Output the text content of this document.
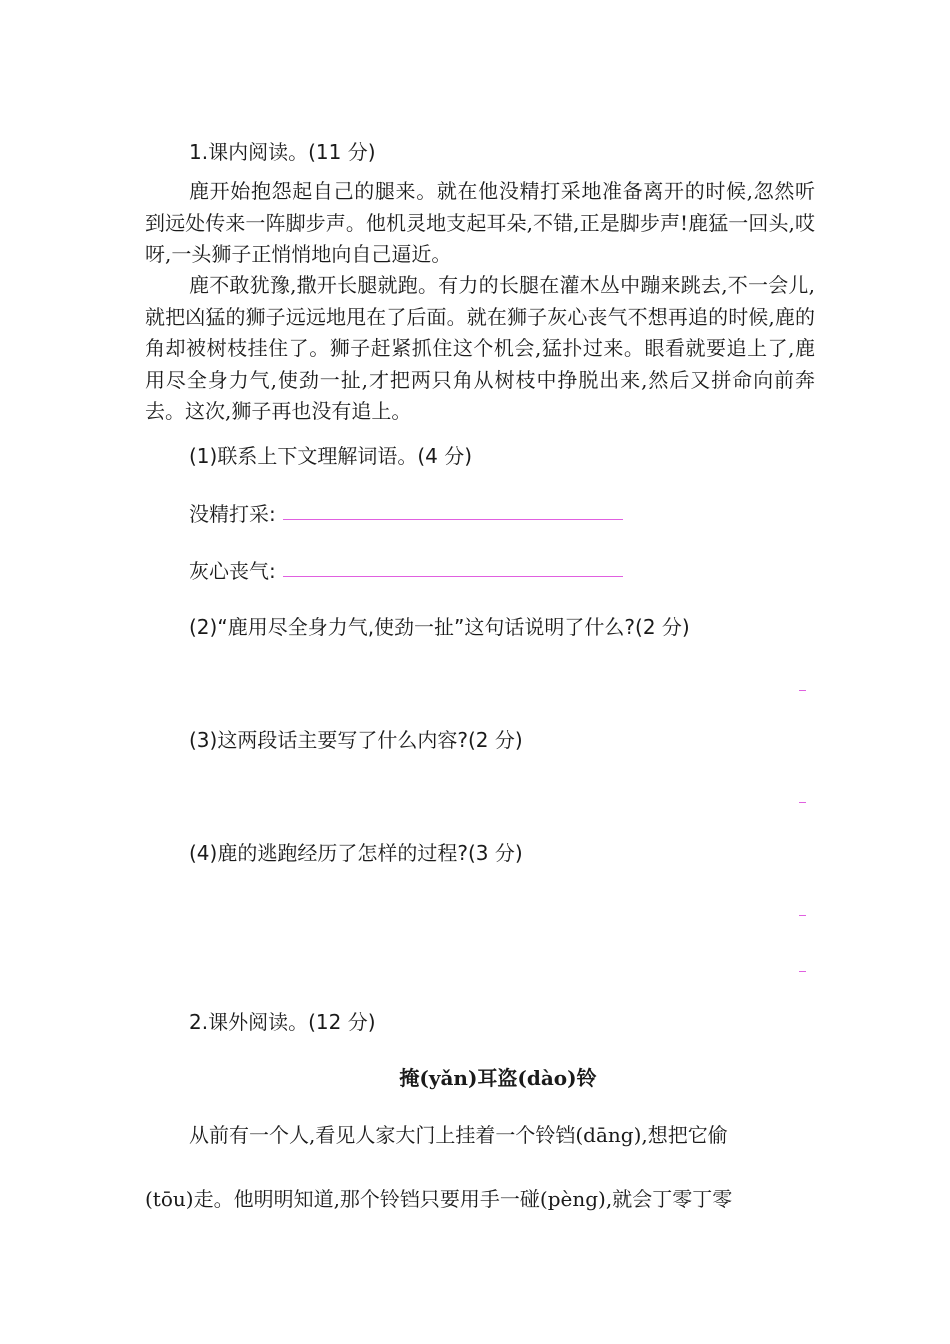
1.课内阅读。(11 分)

鹿开始抱怨起自己的腿来。就在他没精打采地准备离开的时候,忽然听到远处传来一阵脚步声。他机灵地支起耳朵,不错,正是脚步声!鹿猛一回头,哎呀,一头狮子正悄悄地向自己逼近。

鹿不敢犹豫,撒开长腿就跑。有力的长腿在灌木丛中蹦来跳去,不一会儿,就把凶猛的狮子远远地甩在了后面。就在狮子灰心丧气不想再追的时候,鹿的角却被树枝挂住了。狮子赶紧抓住这个机会,猛扑过来。眼看就要追上了,鹿用尽全身力气,使劲一扯,才把两只角从树枝中挣脱出来,然后又拼命向前奔去。这次,狮子再也没有追上。

(1)联系上下文理解词语。(4 分)
没精打采:
灰心丧气:
(2)“鹿用尽全身力气,使劲一扯”这句话说明了什么?(2 分)
(3)这两段话主要写了什么内容?(2 分)
(4)鹿的逃跑经历了怎样的过程?(3 分)
2.课外阅读。(12 分)
掩(yǎn)耳盗(dào)铃
从前有一个人,看见人家大门上挂着一个铃铛(dāng),想把它偷
(tōu)走。他明明知道,那个铃铛只要用手一碰(pèng),就会丁零丁零
